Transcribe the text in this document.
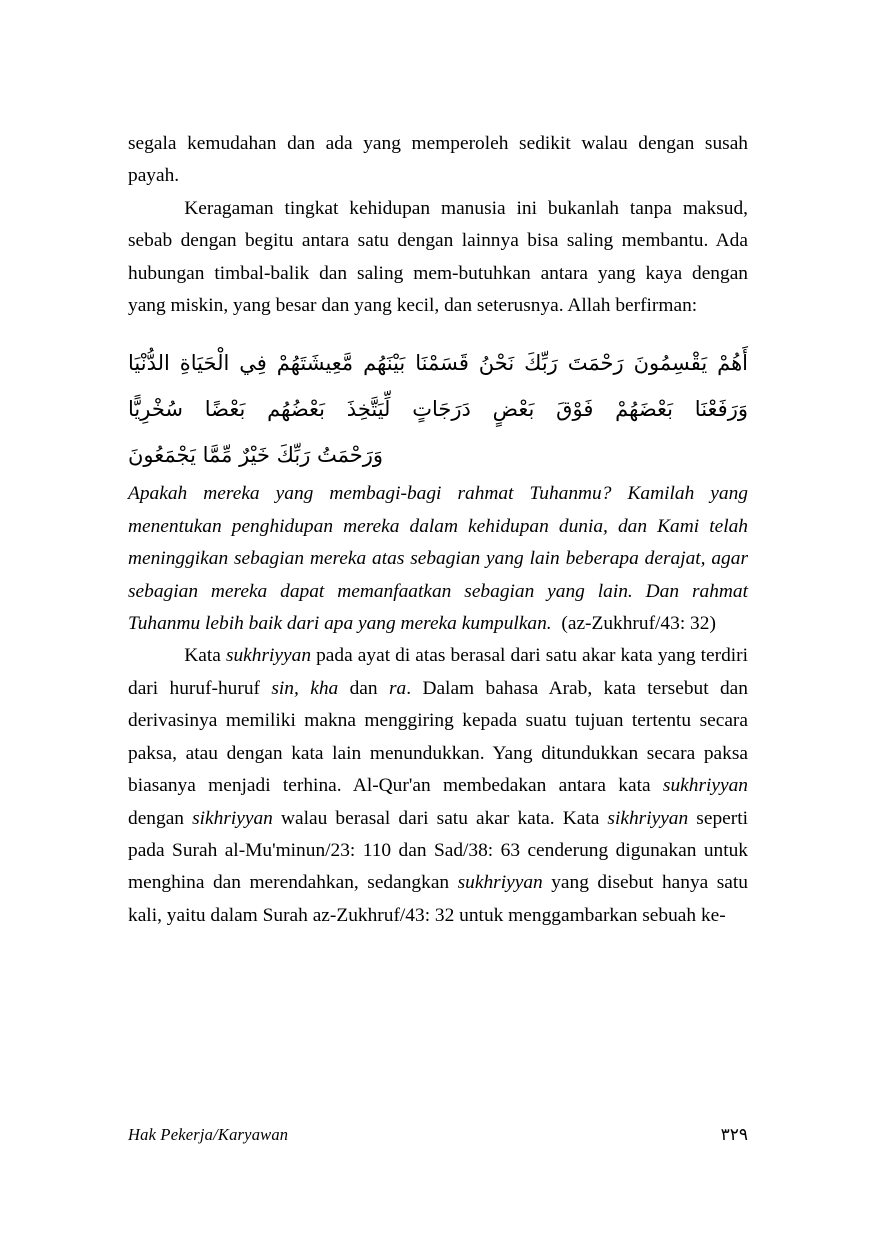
segala kemudahan dan ada yang memperoleh sedikit walau dengan susah payah.

Keragaman tingkat kehidupan manusia ini bukanlah tanpa maksud, sebab dengan begitu antara satu dengan lainnya bisa saling membantu. Ada hubungan timbal-balik dan saling mem-butuhkan antara yang kaya dengan yang miskin, yang besar dan yang kecil, dan seterusnya. Allah berfirman:

أَهُمْ يَقْسِمُونَ رَحْمَتَ رَبِّكَ نَحْنُ قَسَمْنَا بَيْنَهُم مَّعِيشَتَهُمْ فِي الْحَيَاةِ الدُّنْيَا
وَرَفَعْنَا بَعْضَهُمْ فَوْقَ بَعْضٍ دَرَجَاتٍ لِّيَتَّخِذَ بَعْضُهُم بَعْضًا سُخْرِيًّا
وَرَحْمَتُ رَبِّكَ خَيْرٌ مِّمَّا يَجْمَعُونَ

Apakah mereka yang membagi-bagi rahmat Tuhanmu? Kamilah yang menentukan penghidupan mereka dalam kehidupan dunia, dan Kami telah meninggikan sebagian mereka atas sebagian yang lain beberapa derajat, agar sebagian mereka dapat memanfaatkan sebagian yang lain. Dan rahmat Tuhanmu lebih baik dari apa yang mereka kumpulkan. (az-Zukhruf/43: 32)

Kata sukhriyyan pada ayat di atas berasal dari satu akar kata yang terdiri dari huruf-huruf sin, kha dan ra. Dalam bahasa Arab, kata tersebut dan derivasinya memiliki makna menggiring kepada suatu tujuan tertentu secara paksa, atau dengan kata lain menundukkan. Yang ditundukkan secara paksa biasanya menjadi terhina. Al-Qur'an membedakan antara kata sukhriyyan dengan sikhriyyan walau berasal dari satu akar kata. Kata sikhriyyan seperti pada Surah al-Mu'minun/23: 110 dan Sad/38: 63 cenderung digunakan untuk menghina dan merendahkan, sedangkan sukhriyyan yang disebut hanya satu kali, yaitu dalam Surah az-Zukhruf/43: 32 untuk menggambarkan sebuah ke-

Hak Pekerja/Karyawan	٣٢٩
